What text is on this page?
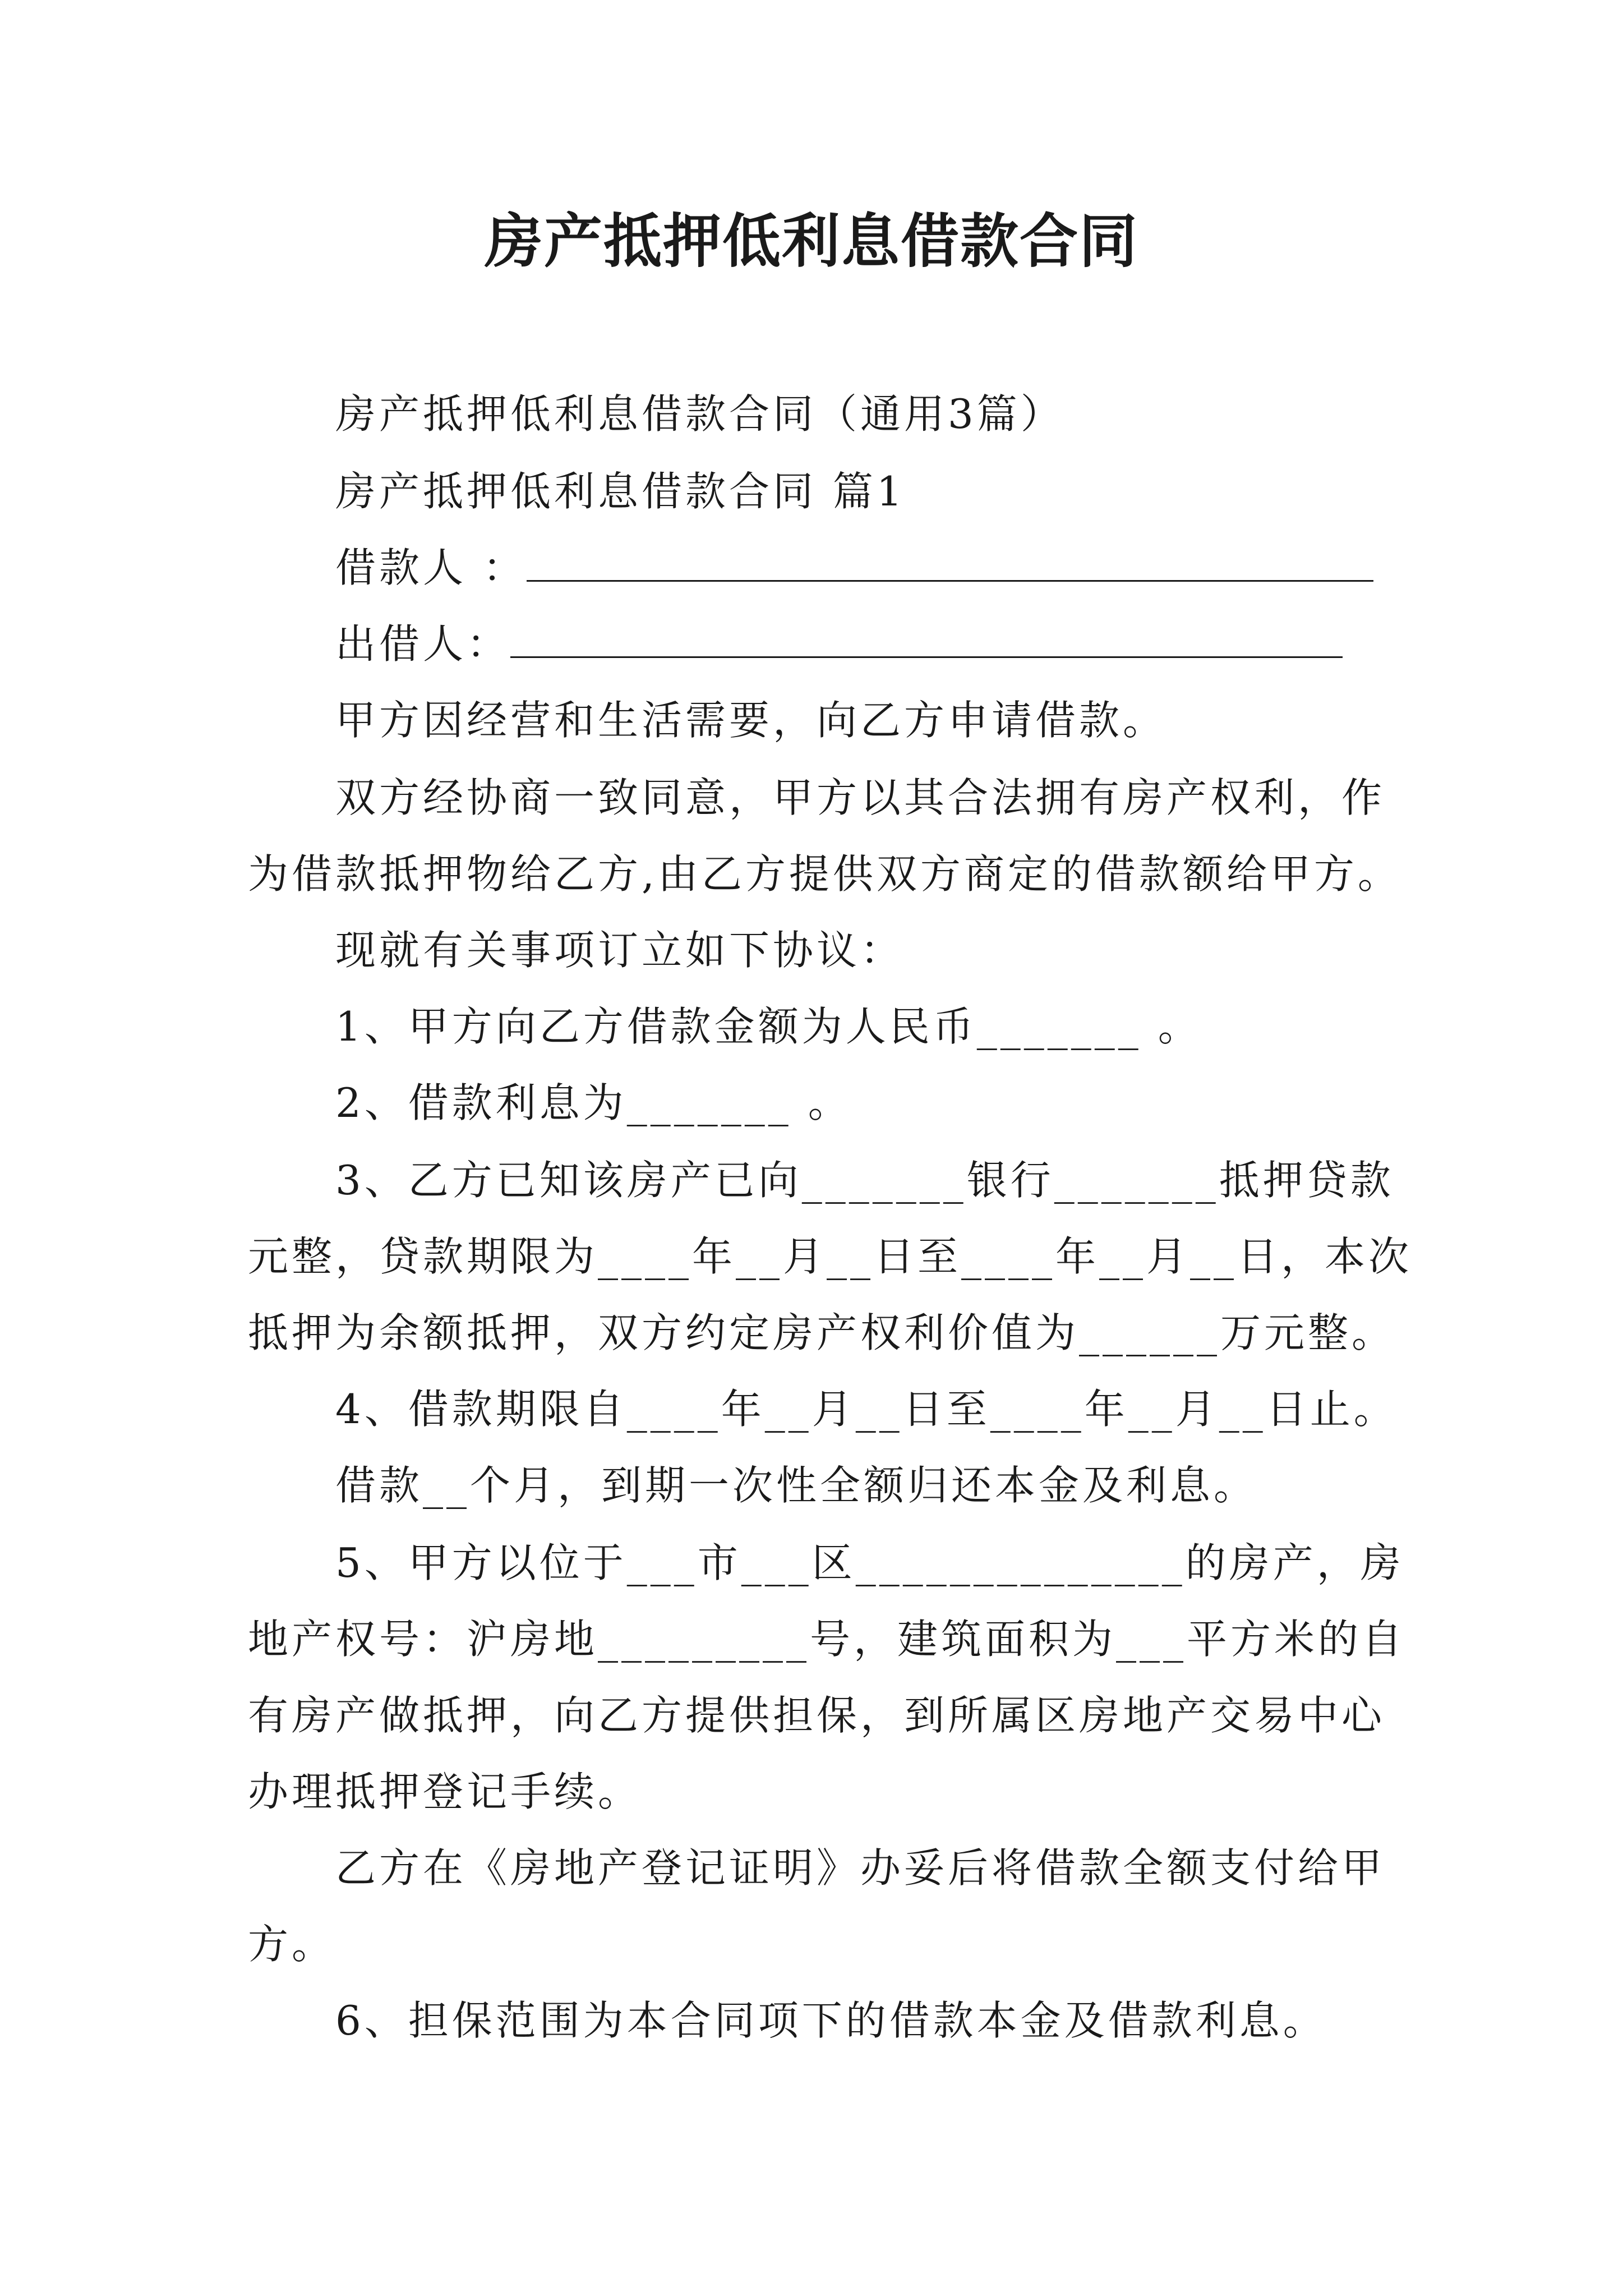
房产抵押低利息借款合同
房产抵押低利息借款合同（通用3篇）
房产抵押低利息借款合同 篇1
借款人 ：
出借人：
甲方因经营和生活需要，向乙方申请借款。
双方经协商一致同意，甲方以其合法拥有房产权利，作
为借款抵押物给乙方,由乙方提供双方商定的借款额给甲方。
现就有关事项订立如下协议：
1、甲方向乙方借款金额为人民币_______ 。
2、借款利息为_______ 。
3、乙方已知该房产已向_______银行_______抵押贷款
元整，贷款期限为____年__月__日至____年__月__日，本次
抵押为余额抵押，双方约定房产权利价值为______万元整。
4、借款期限自____年__月__日至____年__月__日止。
借款__个月，到期一次性全额归还本金及利息。
5、甲方以位于___市___区______________的房产，房
地产权号：沪房地_________号，建筑面积为___平方米的自
有房产做抵押，向乙方提供担保，到所属区房地产交易中心
办理抵押登记手续。
乙方在《房地产登记证明》办妥后将借款全额支付给甲
方。
6、担保范围为本合同项下的借款本金及借款利息。
